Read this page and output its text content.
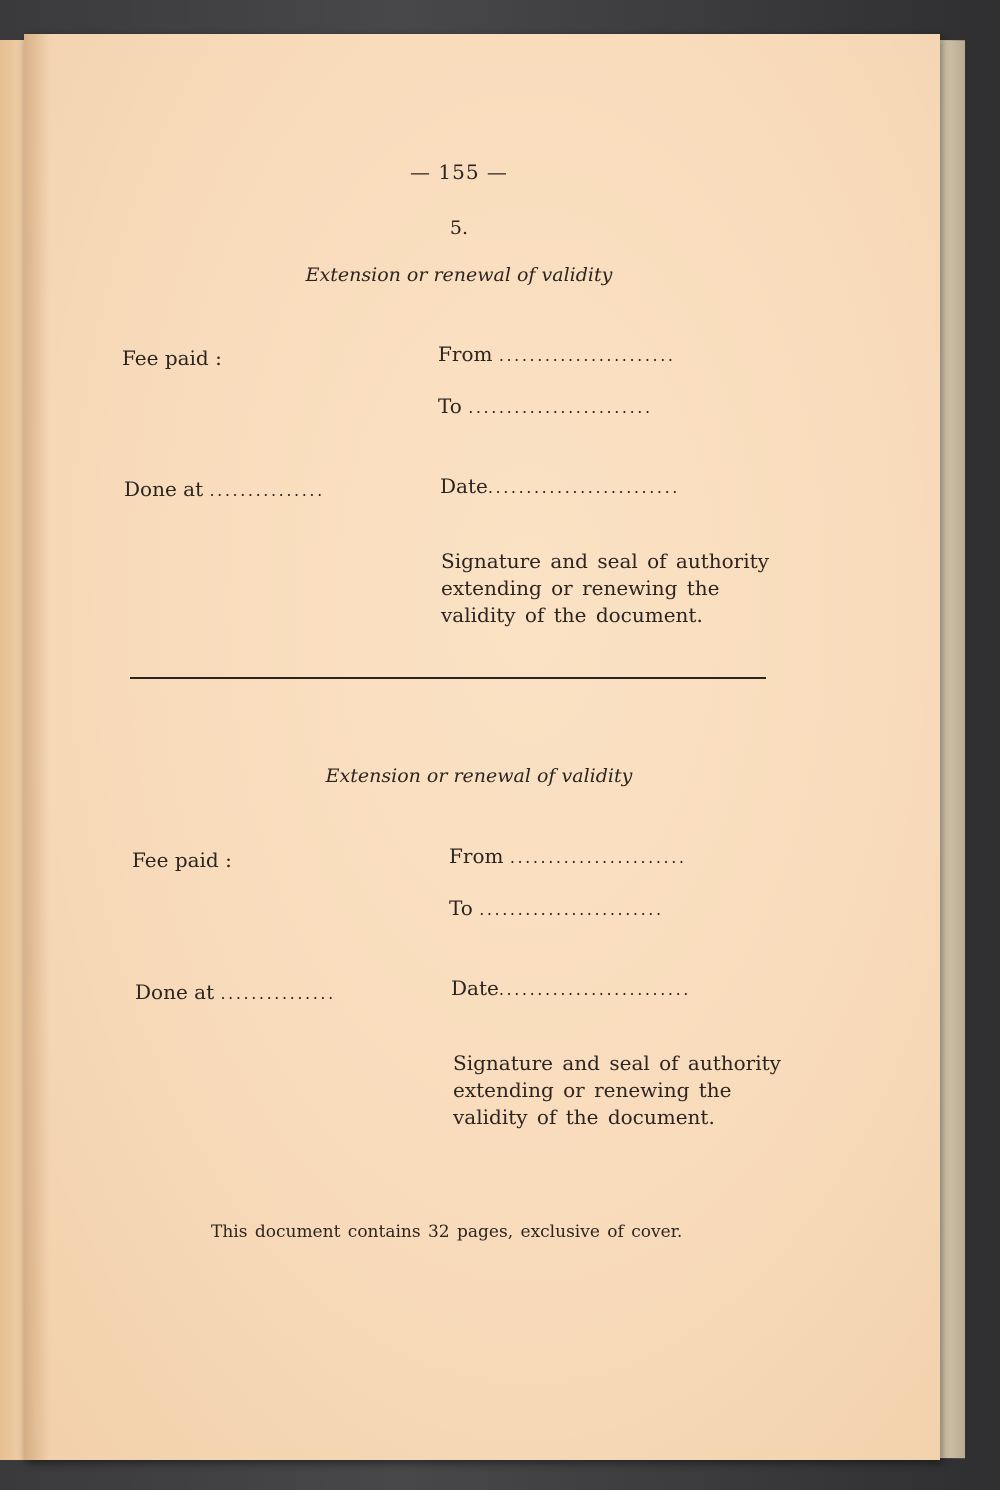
— 155 —
5.
Extension or renewal of validity
Fee paid :	From .......................
To ........................
Done at ...............	Date.........................
Signature and seal of authority
extending or renewing the
validity of the document.
Extension or renewal of validity
Fee paid :	From .......................
To ........................
Done at ...............	Date.........................
Signature and seal of authority
extending or renewing the
validity of the document.
This document contains 32 pages, exclusive of cover.
